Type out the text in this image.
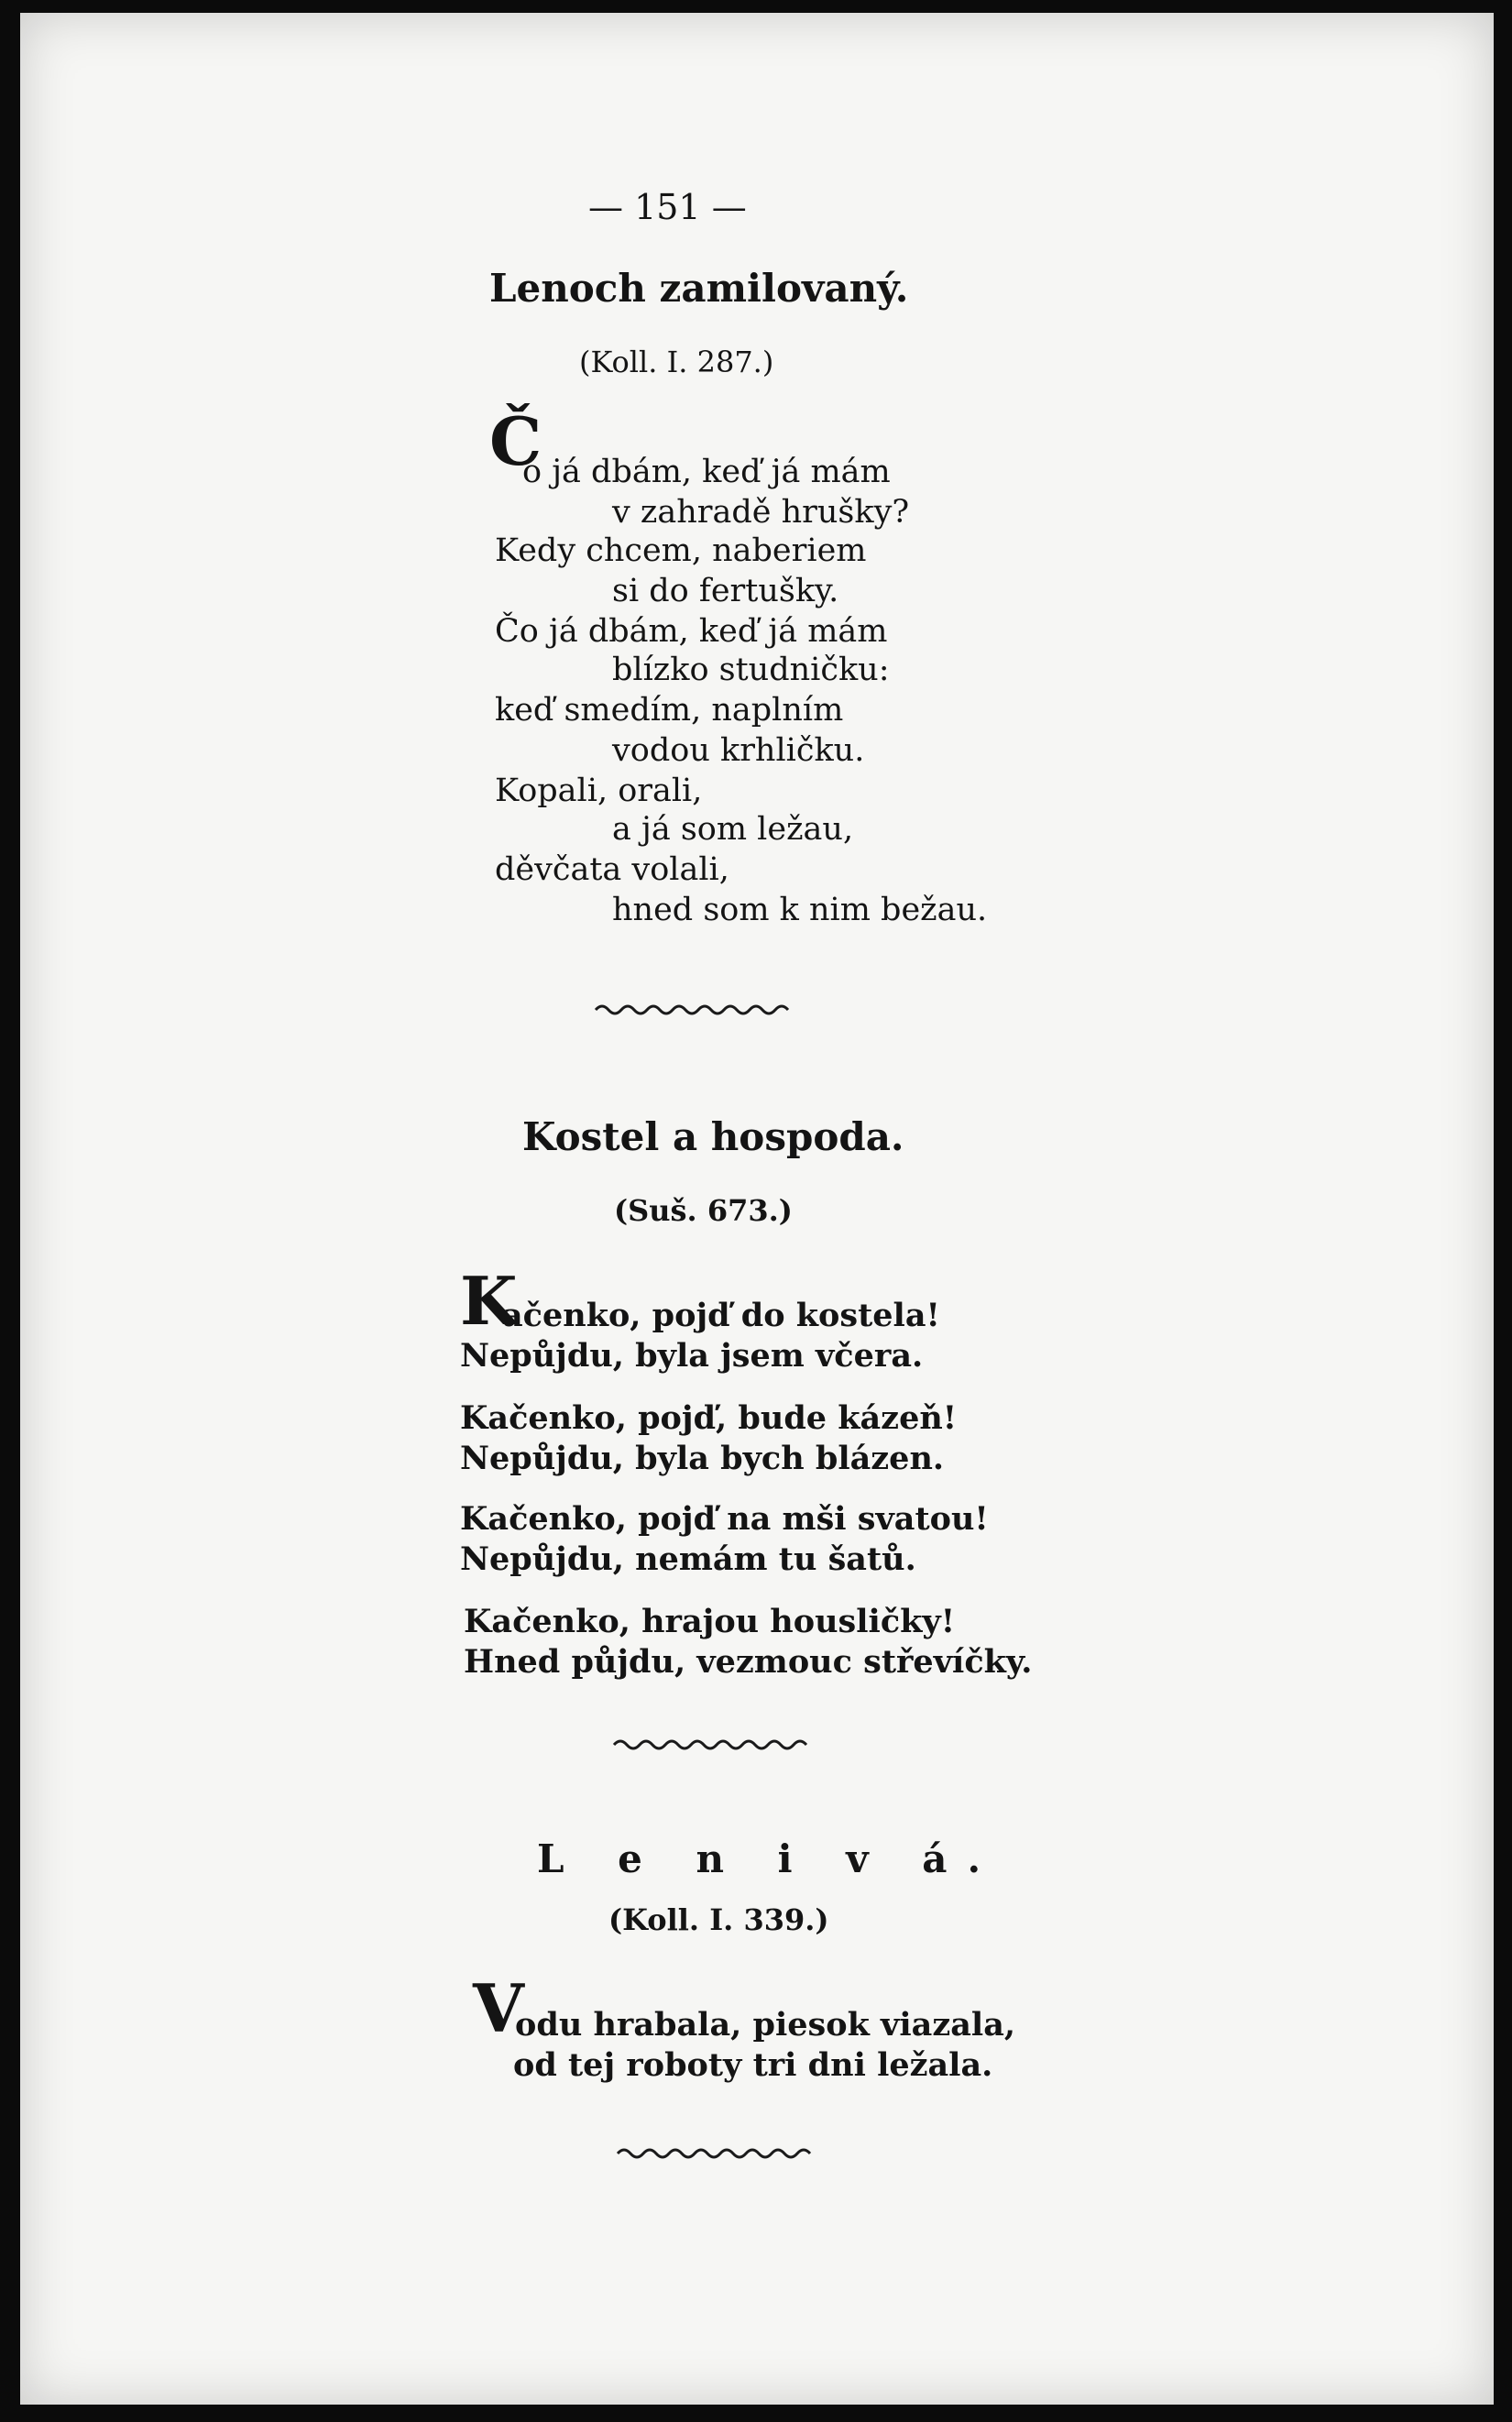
— 151 —
Lenoch zamilovaný.
(Koll. I. 287.)
Č
o já dbám, keď já mám
v zahradě hrušky?
Kedy chcem, naberiem
si do fertušky.
Čo já dbám, keď já mám
blízko studničku:
keď smedím, naplním
vodou krhličku.
Kopali, orali,
a já som ležau,
děvčata volali,
hned som k nim bežau.
Kostel a hospoda.
(Suš. 673.)
K
ačenko, pojď do kostela!
Nepůjdu, byla jsem včera.
Kačenko, pojď, bude kázeň!
Nepůjdu, byla bych blázen.
Kačenko, pojď na mši svatou!
Nepůjdu, nemám tu šatů.
Kačenko, hrajou housličky!
Hned půjdu, vezmouc střevíčky.
L e n i v á.
(Koll. I. 339.)
V
odu hrabala, piesok viazala,
od tej roboty tri dni ležala.
